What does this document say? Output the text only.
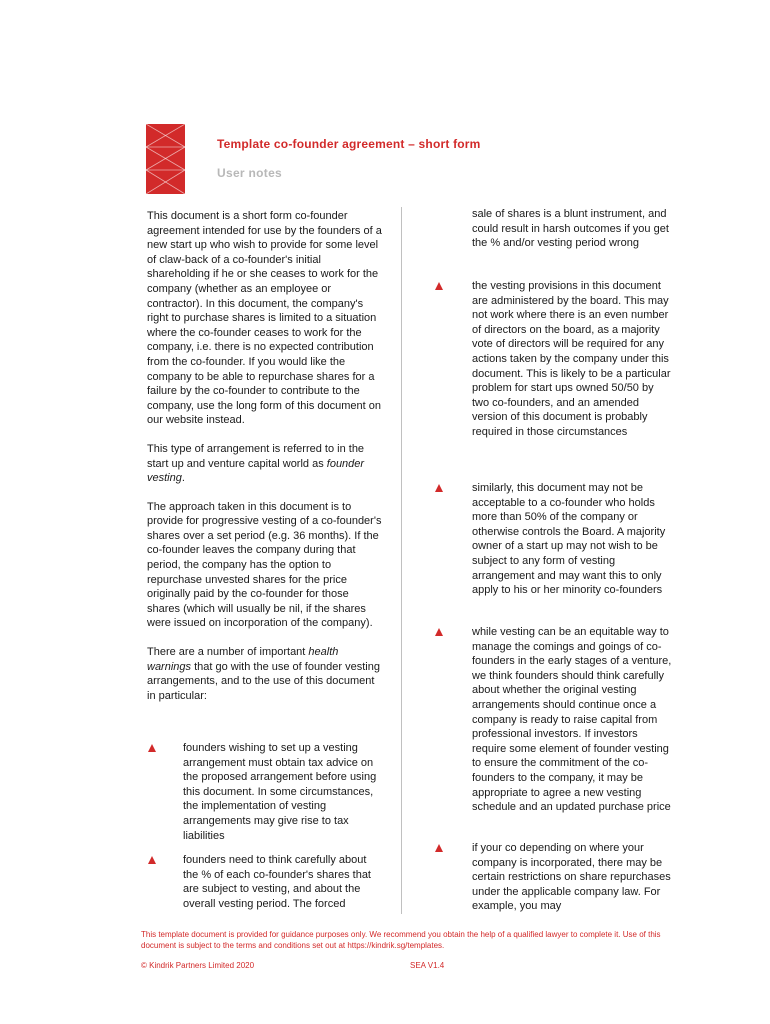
Template co-founder agreement – short form
User notes

This document is a short form co-founder agreement intended for use by the founders of a new start up who wish to provide for some level of claw-back of a co-founder's initial shareholding if he or she ceases to work for the company (whether as an employee or contractor). In this document, the company's right to purchase shares is limited to a situation where the co-founder ceases to work for the company, i.e. there is no expected contribution from the co-founder. If you would like the company to be able to repurchase shares for a failure by the co-founder to contribute to the company, use the long form of this document on our website instead.

This type of arrangement is referred to in the start up and venture capital world as founder vesting.

The approach taken in this document is to provide for progressive vesting of a co-founder's shares over a set period (e.g. 36 months). If the co-founder leaves the company during that period, the company has the option to repurchase unvested shares for the price originally paid by the co-founder for those shares (which will usually be nil, if the shares were issued on incorporation of the company).

There are a number of important health warnings that go with the use of founder vesting arrangements, and to the use of this document in particular:

founders wishing to set up a vesting arrangement must obtain tax advice on the proposed arrangement before using this document. In some circumstances, the implementation of vesting arrangements may give rise to tax liabilities
founders need to think carefully about the % of each co-founder's shares that are subject to vesting, and about the overall vesting period. The forced
sale of shares is a blunt instrument, and could result in harsh outcomes if you get the % and/or vesting period wrong
the vesting provisions in this document are administered by the board. This may not work where there is an even number of directors on the board, as a majority vote of directors will be required for any actions taken by the company under this document. This is likely to be a particular problem for start ups owned 50/50 by two co-founders, and an amended version of this document is probably required in those circumstances
similarly, this document may not be acceptable to a co-founder who holds more than 50% of the company or otherwise controls the Board. A majority owner of a start up may not wish to be subject to any form of vesting arrangement and may want this to only apply to his or her minority co-founders
while vesting can be an equitable way to manage the comings and goings of co-founders in the early stages of a venture, we think founders should think carefully about whether the original vesting arrangements should continue once a company is ready to raise capital from professional investors. If investors require some element of founder vesting to ensure the commitment of the co-founders to the company, it may be appropriate to agree a new vesting schedule and an updated purchase price
if your co depending on where your company is incorporated, there may be certain restrictions on share repurchases under the applicable company law. For example, you may
This template document is provided for guidance purposes only. We recommend you obtain the help of a qualified lawyer to complete it. Use of this document is subject to the terms and conditions set out at https://kindrik.sg/templates.
© Kindrik Partners Limited 2020	SEA V1.4
